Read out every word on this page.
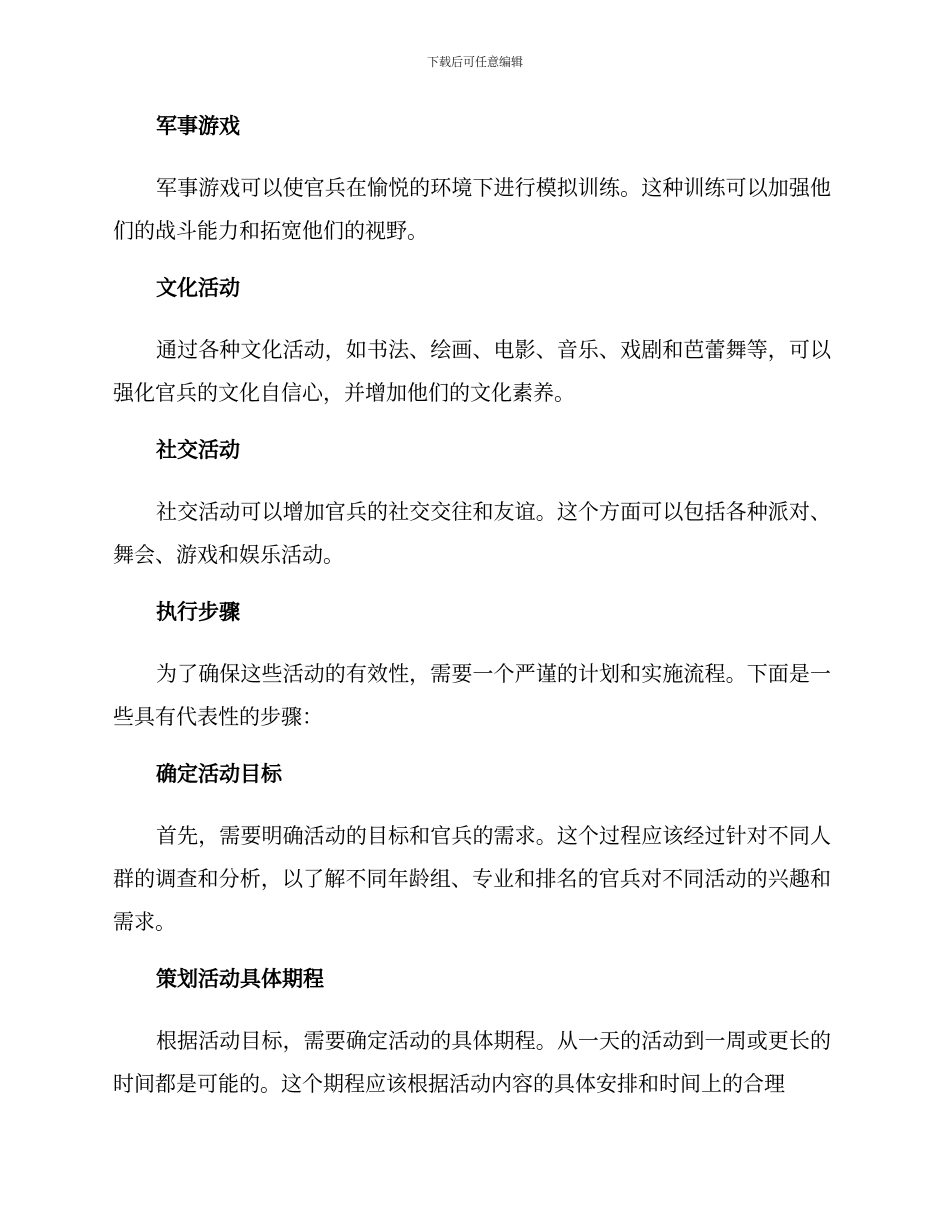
下载后可任意编辑
军事游戏
军事游戏可以使官兵在愉悦的环境下进行模拟训练。这种训练可以加强他们的战斗能力和拓宽他们的视野。
文化活动
通过各种文化活动，如书法、绘画、电影、音乐、戏剧和芭蕾舞等，可以强化官兵的文化自信心，并增加他们的文化素养。
社交活动
社交活动可以增加官兵的社交交往和友谊。这个方面可以包括各种派对、舞会、游戏和娱乐活动。
执行步骤
为了确保这些活动的有效性，需要一个严谨的计划和实施流程。下面是一些具有代表性的步骤：
确定活动目标
首先，需要明确活动的目标和官兵的需求。这个过程应该经过针对不同人群的调查和分析，以了解不同年龄组、专业和排名的官兵对不同活动的兴趣和需求。
策划活动具体期程
根据活动目标，需要确定活动的具体期程。从一天的活动到一周或更长的时间都是可能的。这个期程应该根据活动内容的具体安排和时间上的合理
